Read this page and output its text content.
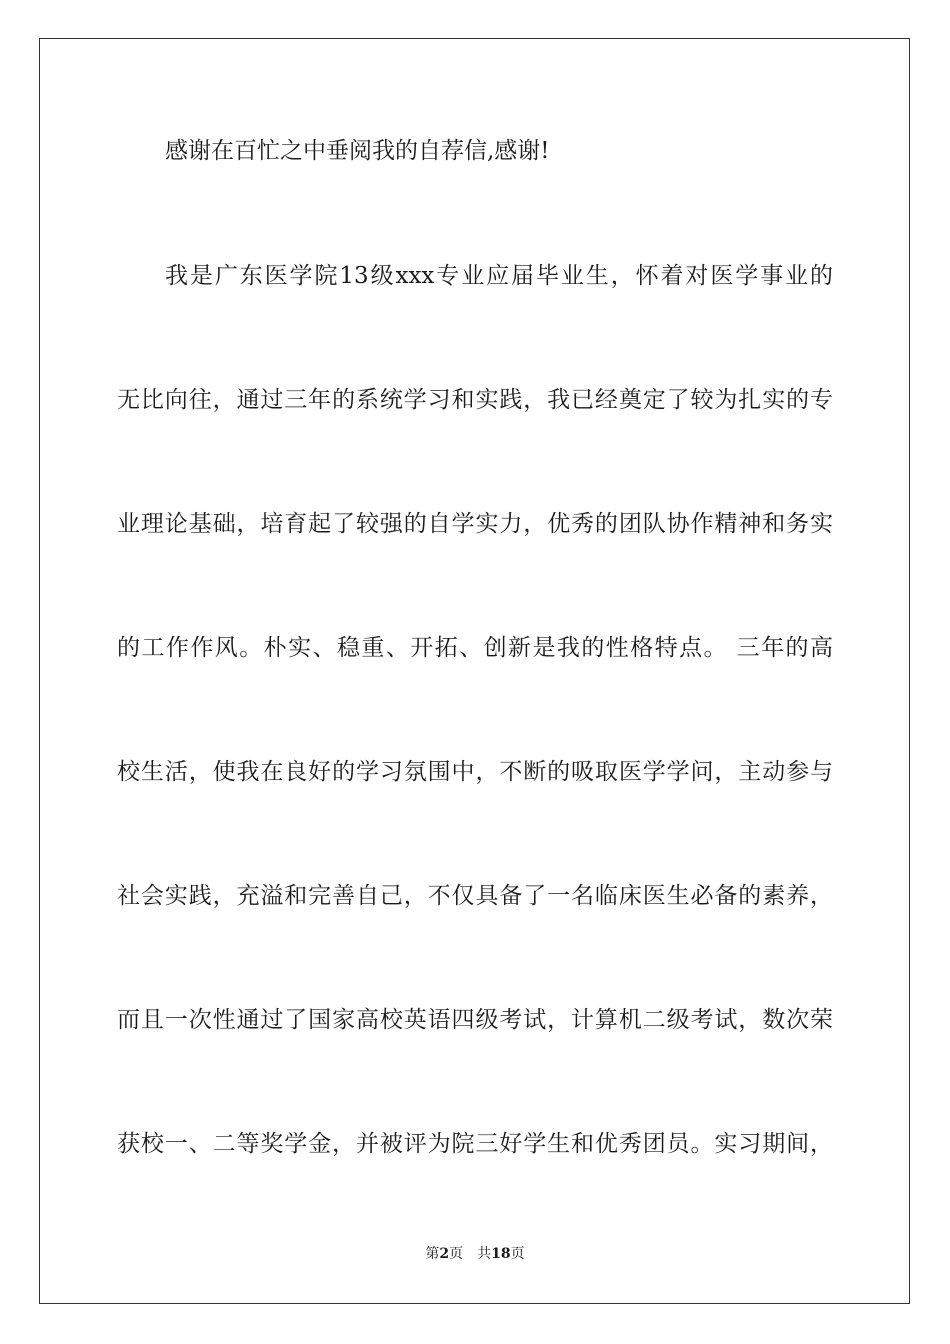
感谢在百忙之中垂阅我的自荐信,感谢!
我是广东医学院13级xxx专业应届毕业生，怀着对医学事业的
无比向往，通过三年的系统学习和实践，我已经奠定了较为扎实的专
业理论基础，培育起了较强的自学实力，优秀的团队协作精神和务实
的工作作风。朴实、稳重、开拓、创新是我的性格特点。 三年的高
校生活，使我在良好的学习氛围中，不断的吸取医学学问，主动参与
社会实践，充溢和完善自己，不仅具备了一名临床医生必备的素养，
而且一次性通过了国家高校英语四级考试，计算机二级考试，数次荣
获校一、二等奖学金，并被评为院三好学生和优秀团员。实习期间，
第2页 共18页
